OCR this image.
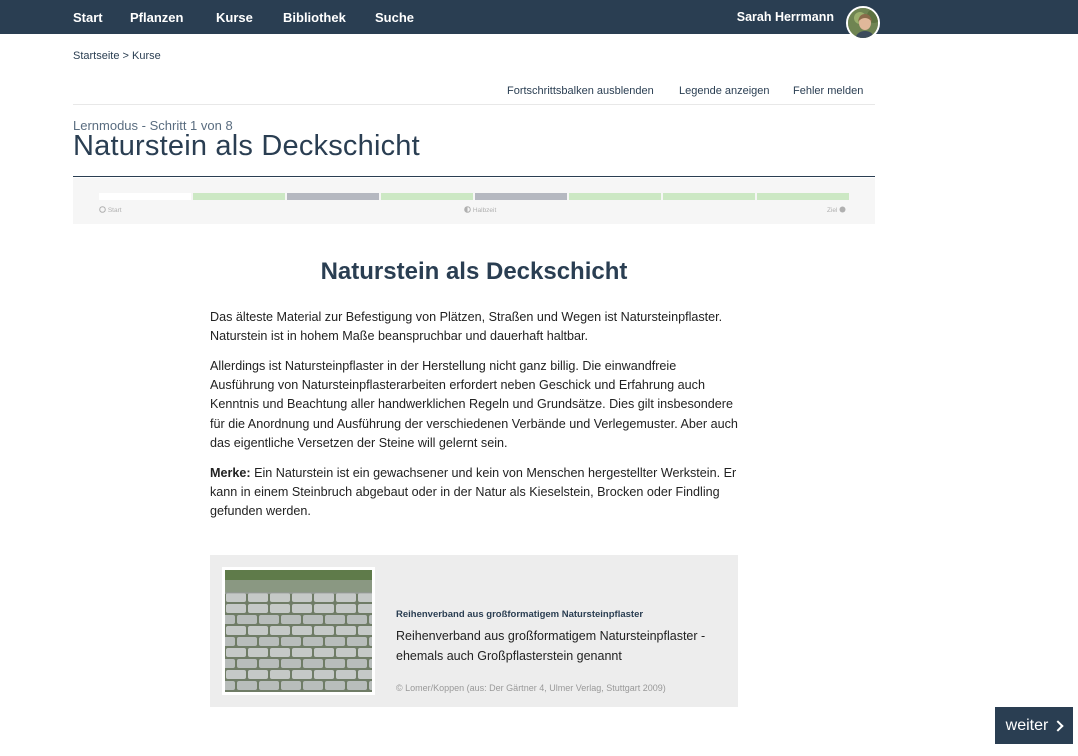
Start Pflanzen	Kurse Bibliothek Suche	Sarah Herrmann
Startseite > Kurse
Fortschrittsbalken ausblenden Legende anzeigen Fehler melden
Lernmodus - Schritt 1 von 8
Naturstein als Deckschicht
Start	Halbzeit	Ziel
Naturstein als Deckschicht

Das älteste Material zur Befestigung von Plätzen, Straßen und Wegen ist Natursteinpflaster. Naturstein ist in hohem Maße beanspruchbar und dauerhaft haltbar.

Allerdings ist Natursteinpflaster in der Herstellung nicht ganz billig. Die einwandfreie Ausführung von Natursteinpflasterarbeiten erfordert neben Geschick und Erfahrung auch Kenntnis und Beachtung aller handwerklichen Regeln und Grundsätze. Dies gilt insbesondere für die Anordnung und Ausführung der verschiedenen Verbände und Verlegemuster. Aber auch das eigentliche Versetzen der Steine will gelernt sein.

Merke: Ein Naturstein ist ein gewachsener und kein von Menschen hergestellter Werkstein. Er kann in einem Steinbruch abgebaut oder in der Natur als Kieselstein, Brocken oder Findling gefunden werden.

Reihenverband aus großformatigem Natursteinpflaster
Reihenverband aus großformatigem Natursteinpflaster - ehemals auch Großpflasterstein genannt
© Lomer/Koppen (aus: Der Gärtner 4, Ulmer Verlag, Stuttgart 2009)
weiter
